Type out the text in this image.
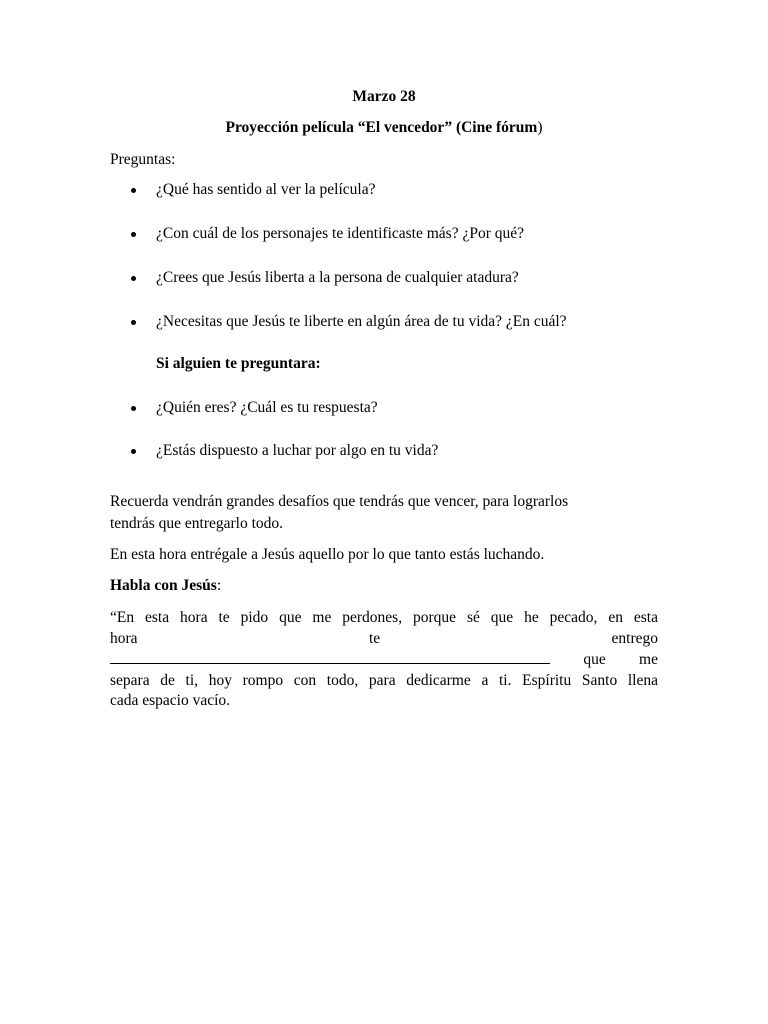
Marzo 28
Proyección película “El vencedor” (Cine fórum)
Preguntas:
¿Qué has sentido al ver la película?
¿Con cuál de los personajes te identificaste más? ¿Por qué?
¿Crees que Jesús liberta a la persona de cualquier atadura?
¿Necesitas que Jesús te liberte en algún área de tu vida? ¿En cuál?
Si alguien te preguntara:
¿Quién eres? ¿Cuál es tu respuesta?
¿Estás dispuesto a luchar por algo en tu vida?
Recuerda vendrán grandes desafíos que tendrás que vencer, para lograrlos
tendrás que entregarlo todo.
En esta hora entrégale a Jesús aquello por lo que tanto estás luchando.
Habla con Jesús:
“En esta hora te pido que me perdones, porque sé que he pecado, en esta
hora	te	entrego
que me
separa de ti, hoy rompo con todo, para dedicarme a ti. Espíritu Santo llena
cada espacio vacío.
